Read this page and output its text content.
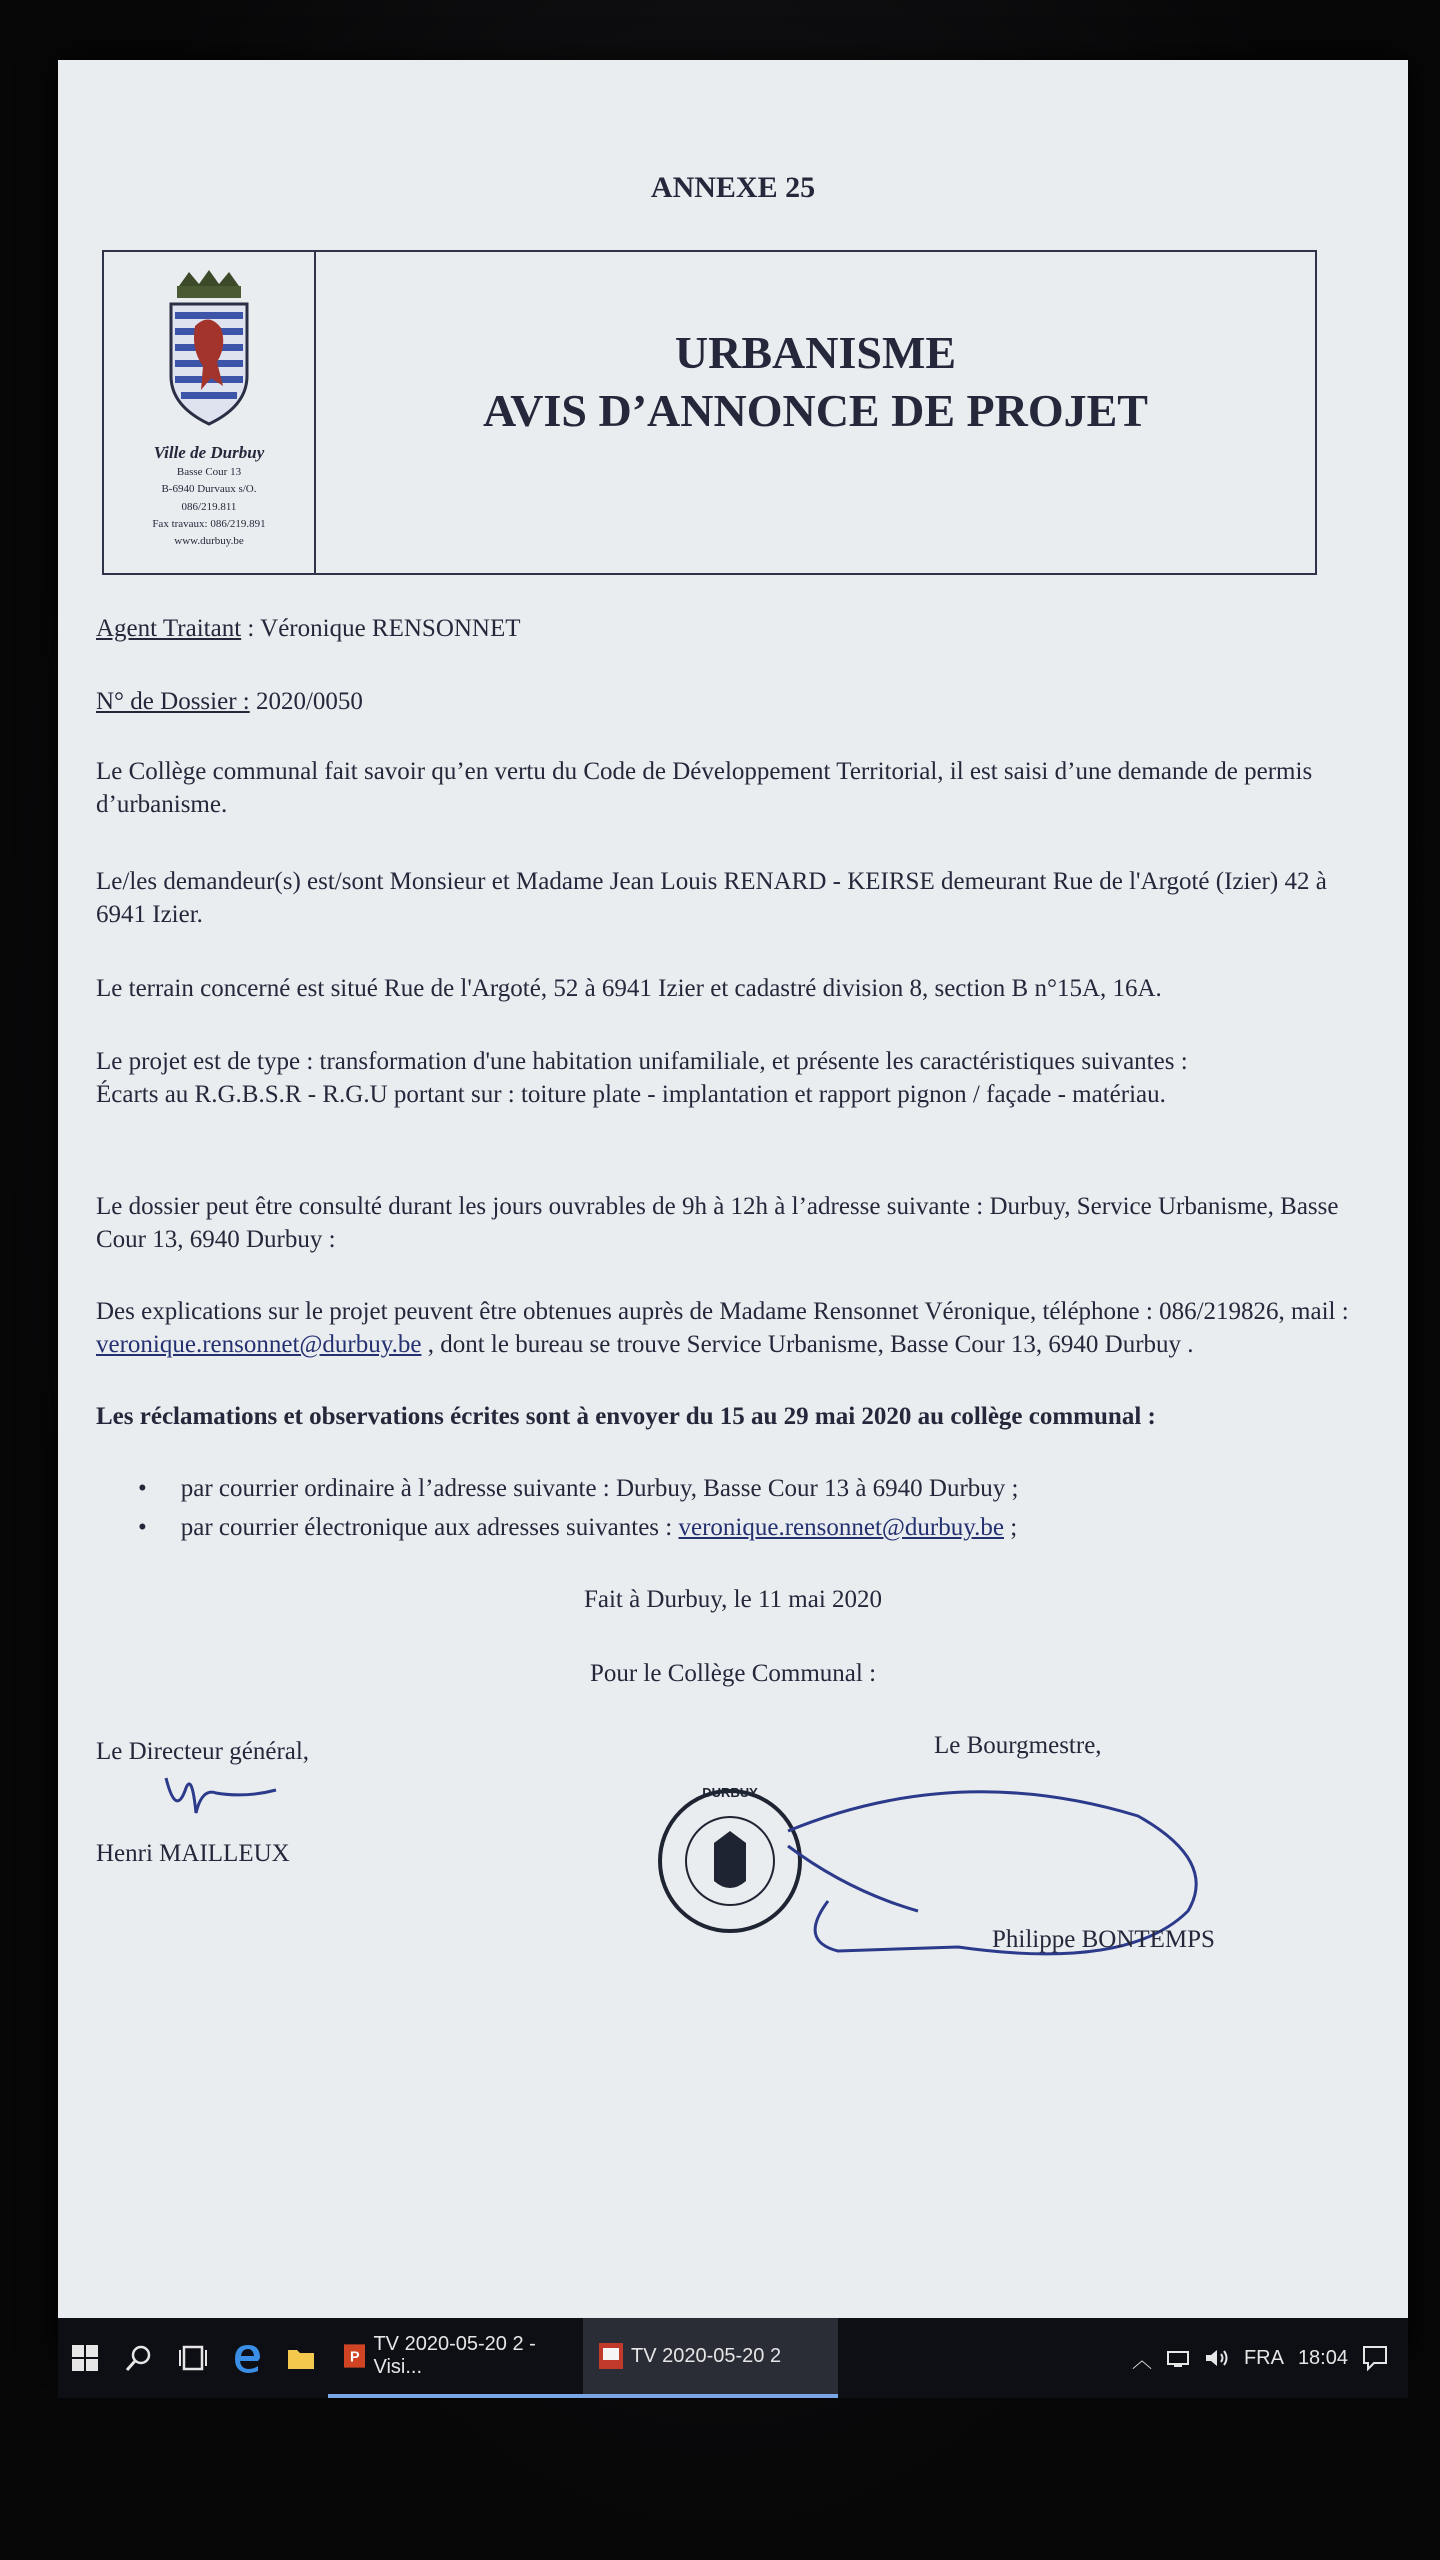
ANNEXE 25
Ville de Durbuy
Basse Cour 13
B-6940 Durvaux s/O.
086/219.811
Fax travaux: 086/219.891
www.durbuy.be
URBANISME
AVIS D’ANNONCE DE PROJET
Agent Traitant : Véronique RENSONNET
N° de Dossier : 2020/0050
Le Collège communal fait savoir qu’en vertu du Code de Développement Territorial, il est saisi d’une demande de permis d’urbanisme.
Le/les demandeur(s) est/sont Monsieur et Madame Jean Louis RENARD - KEIRSE demeurant Rue de l'Argoté (Izier) 42 à 6941 Izier.
Le terrain concerné est situé Rue de l'Argoté, 52 à 6941 Izier et cadastré division 8, section B n°15A, 16A.
Le projet est de type : transformation d'une habitation unifamiliale, et présente les caractéristiques suivantes :
Écarts au R.G.B.S.R - R.G.U portant sur : toiture plate - implantation et rapport pignon / façade - matériau.
Le dossier peut être consulté durant les jours ouvrables de 9h à 12h à l’adresse suivante : Durbuy, Service Urbanisme, Basse Cour 13, 6940 Durbuy :
Des explications sur le projet peuvent être obtenues auprès de Madame Rensonnet Véronique, téléphone : 086/219826, mail : veronique.rensonnet@durbuy.be , dont le bureau se trouve Service Urbanisme, Basse Cour 13, 6940 Durbuy .
Les réclamations et observations écrites sont à envoyer du 15 au 29 mai 2020 au collège communal :
• par courrier ordinaire à l’adresse suivante : Durbuy, Basse Cour 13 à 6940 Durbuy ;
• par courrier électronique aux adresses suivantes : veronique.rensonnet@durbuy.be ;
Fait à Durbuy, le 11 mai 2020
Pour le Collège Communal :
Le Directeur général,
Henri MAILLEUX
Le Bourgmestre,
DURBUY
Philippe BONTEMPS
P
TV 2020-05-20 2 - Visi...
TV 2020-05-20 2	︿	FRA 18:04
